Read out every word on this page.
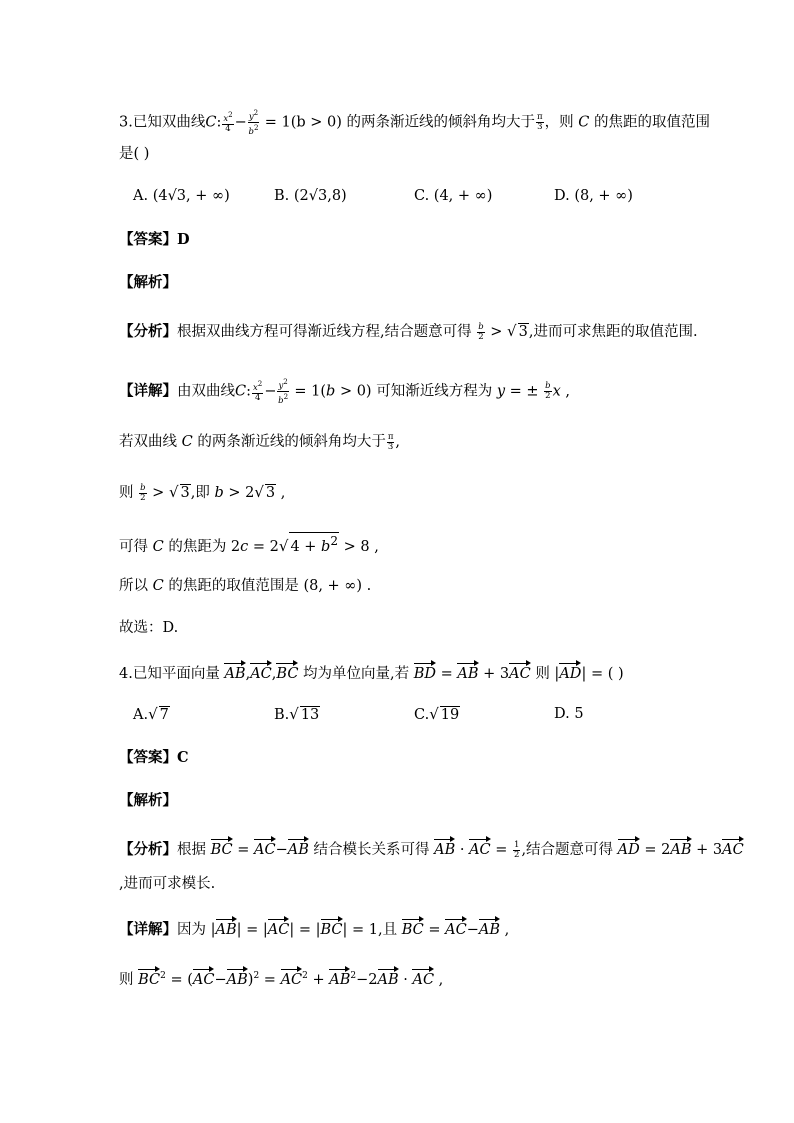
3.已知双曲线C: $\frac{x^2}{4} - \frac{y^2}{b^2} = 1(b > 0)$ 的两条渐近线的倾斜角均大于 $\frac{\pi}{3}$ ，则 C 的焦距的取值范围
是( )
A. (4√3, + ∞)	B. (2√3,8)	C. (4, + ∞)	D. (8, + ∞)
【答案】D
【解析】
【分析】根据双曲线方程可得渐近线方程,结合题意可得 $\frac{b}{2}$ > √ 3,进而可求焦距的取值范围.
【详解】由双曲线C: $\frac{x^2}{4} - \frac{y^2}{b^2} = 1(b > 0)$ 可知渐近线方程为 y = ± $\frac{b}{2}$ x ,
若双曲线 C 的两条渐近线的倾斜角均大于 $\frac{\pi}{3}$ ,
则 $\frac{b}{2}$ > √ 3,即 b > 2√ 3 ,
可得 C 的焦距为 2c = 2√ $4 + b^2 > 8$ ,
所以 C 的焦距的取值范围是 (8, + ∞) .
故选：D.
4.已知平面向量 AB,AC,BC 均为单位向量,若 BD = AB + 3AC 则 |AD| = ( )
A.√ 7	B.√ 13	C.√ 19	D. 5
【答案】C
【解析】
【分析】根据 BC = AC−AB 结合模长关系可得 AB · AC = $\frac{1}{2}$ ,结合题意可得 AD = 2AB + 3AC
,进而可求模长.
【详解】因为 |AB| = |AC| = |BC| = 1,且 BC = AC−AB ,
则 $BC^2 = (AC-AB)^2 = AC^2 + AB^2-2AB$ · AC ,
